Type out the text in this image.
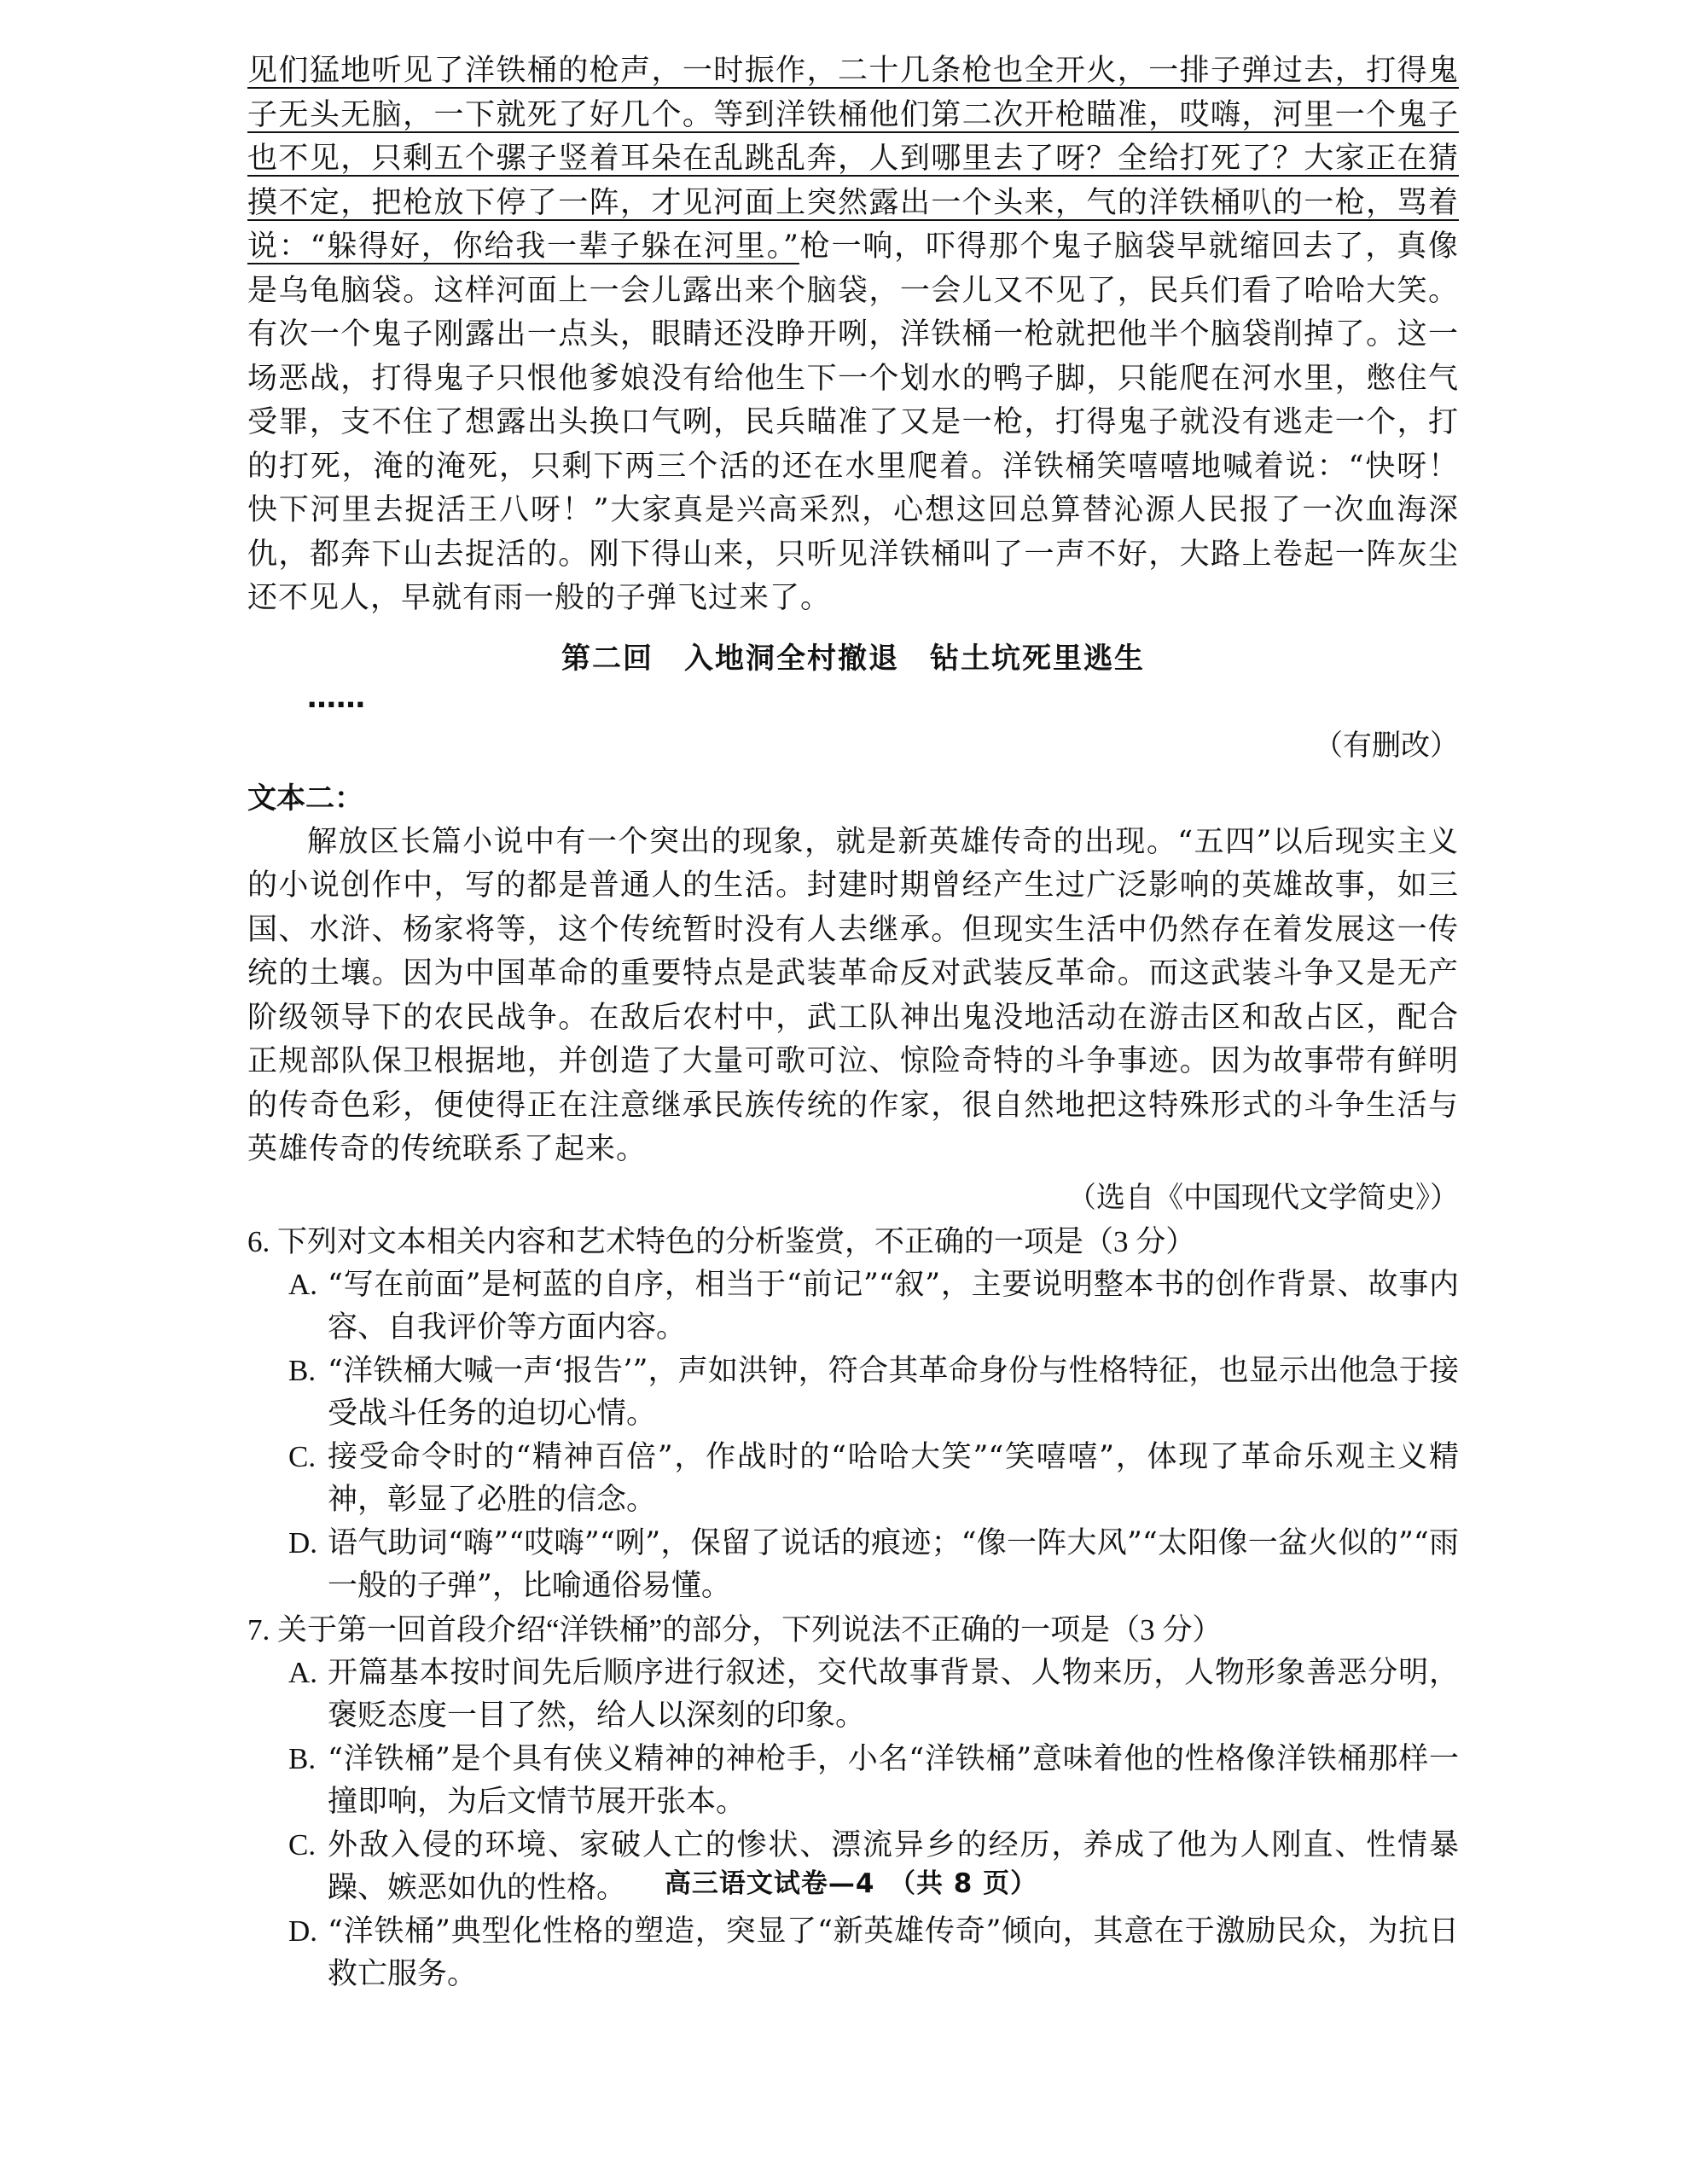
见们猛地听见了洋铁桶的枪声，一时振作，二十几条枪也全开火，一排子弹过去，打得鬼子无头无脑，一下就死了好几个。等到洋铁桶他们第二次开枪瞄准，哎嗨，河里一个鬼子也不见，只剩五个骡子竖着耳朵在乱跳乱奔，人到哪里去了呀？全给打死了？大家正在猜摸不定，把枪放下停了一阵，才见河面上突然露出一个头来，气的洋铁桶叭的一枪，骂着说：“躲得好，你给我一辈子躲在河里。”枪一响，吓得那个鬼子脑袋早就缩回去了，真像是乌龟脑袋。这样河面上一会儿露出来个脑袋，一会儿又不见了，民兵们看了哈哈大笑。有次一个鬼子刚露出一点头，眼睛还没睁开咧，洋铁桶一枪就把他半个脑袋削掉了。这一场恶战，打得鬼子只恨他爹娘没有给他生下一个划水的鸭子脚，只能爬在河水里，憋住气受罪，支不住了想露出头换口气咧，民兵瞄准了又是一枪，打得鬼子就没有逃走一个，打的打死，淹的淹死，只剩下两三个活的还在水里爬着。洋铁桶笑嘻嘻地喊着说：“快呀！快下河里去捉活王八呀！”大家真是兴高采烈，心想这回总算替沁源人民报了一次血海深仇，都奔下山去捉活的。刚下得山来，只听见洋铁桶叫了一声不好，大路上卷起一阵灰尘还不见人，早就有雨一般的子弹飞过来了。

第二回　入地洞全村撤退　钻土坑死里逃生

……

（有删改）

文本二：

解放区长篇小说中有一个突出的现象，就是新英雄传奇的出现。“五四”以后现实主义的小说创作中，写的都是普通人的生活。封建时期曾经产生过广泛影响的英雄故事，如三国、水浒、杨家将等，这个传统暂时没有人去继承。但现实生活中仍然存在着发展这一传统的土壤。因为中国革命的重要特点是武装革命反对武装反革命。而这武装斗争又是无产阶级领导下的农民战争。在敌后农村中，武工队神出鬼没地活动在游击区和敌占区，配合正规部队保卫根据地，并创造了大量可歌可泣、惊险奇特的斗争事迹。因为故事带有鲜明的传奇色彩，便使得正在注意继承民族传统的作家，很自然地把这特殊形式的斗争生活与英雄传奇的传统联系了起来。

（选自《中国现代文学简史》）

6. 下列对文本相关内容和艺术特色的分析鉴赏，不正确的一项是（3 分）

A. “写在前面”是柯蓝的自序，相当于“前记”“叙”，主要说明整本书的创作背景、故事内容、自我评价等方面内容。
B. “洋铁桶大喊一声‘报告’”，声如洪钟，符合其革命身份与性格特征，也显示出他急于接受战斗任务的迫切心情。
C. 接受命令时的“精神百倍”，作战时的“哈哈大笑”“笑嘻嘻”，体现了革命乐观主义精神，彰显了必胜的信念。
D. 语气助词“嗨”“哎嗨”“咧”，保留了说话的痕迹；“像一阵大风”“太阳像一盆火似的”“雨一般的子弹”，比喻通俗易懂。

7. 关于第一回首段介绍“洋铁桶”的部分，下列说法不正确的一项是（3 分）

A. 开篇基本按时间先后顺序进行叙述，交代故事背景、人物来历，人物形象善恶分明，褒贬态度一目了然，给人以深刻的印象。
B. “洋铁桶”是个具有侠义精神的神枪手，小名“洋铁桶”意味着他的性格像洋铁桶那样一撞即响，为后文情节展开张本。
C. 外敌入侵的环境、家破人亡的惨状、漂流异乡的经历，养成了他为人刚直、性情暴躁、嫉恶如仇的性格。
D. “洋铁桶”典型化性格的塑造，突显了“新英雄传奇”倾向，其意在于激励民众，为抗日救亡服务。
高三语文试卷—4　（共 8 页）
